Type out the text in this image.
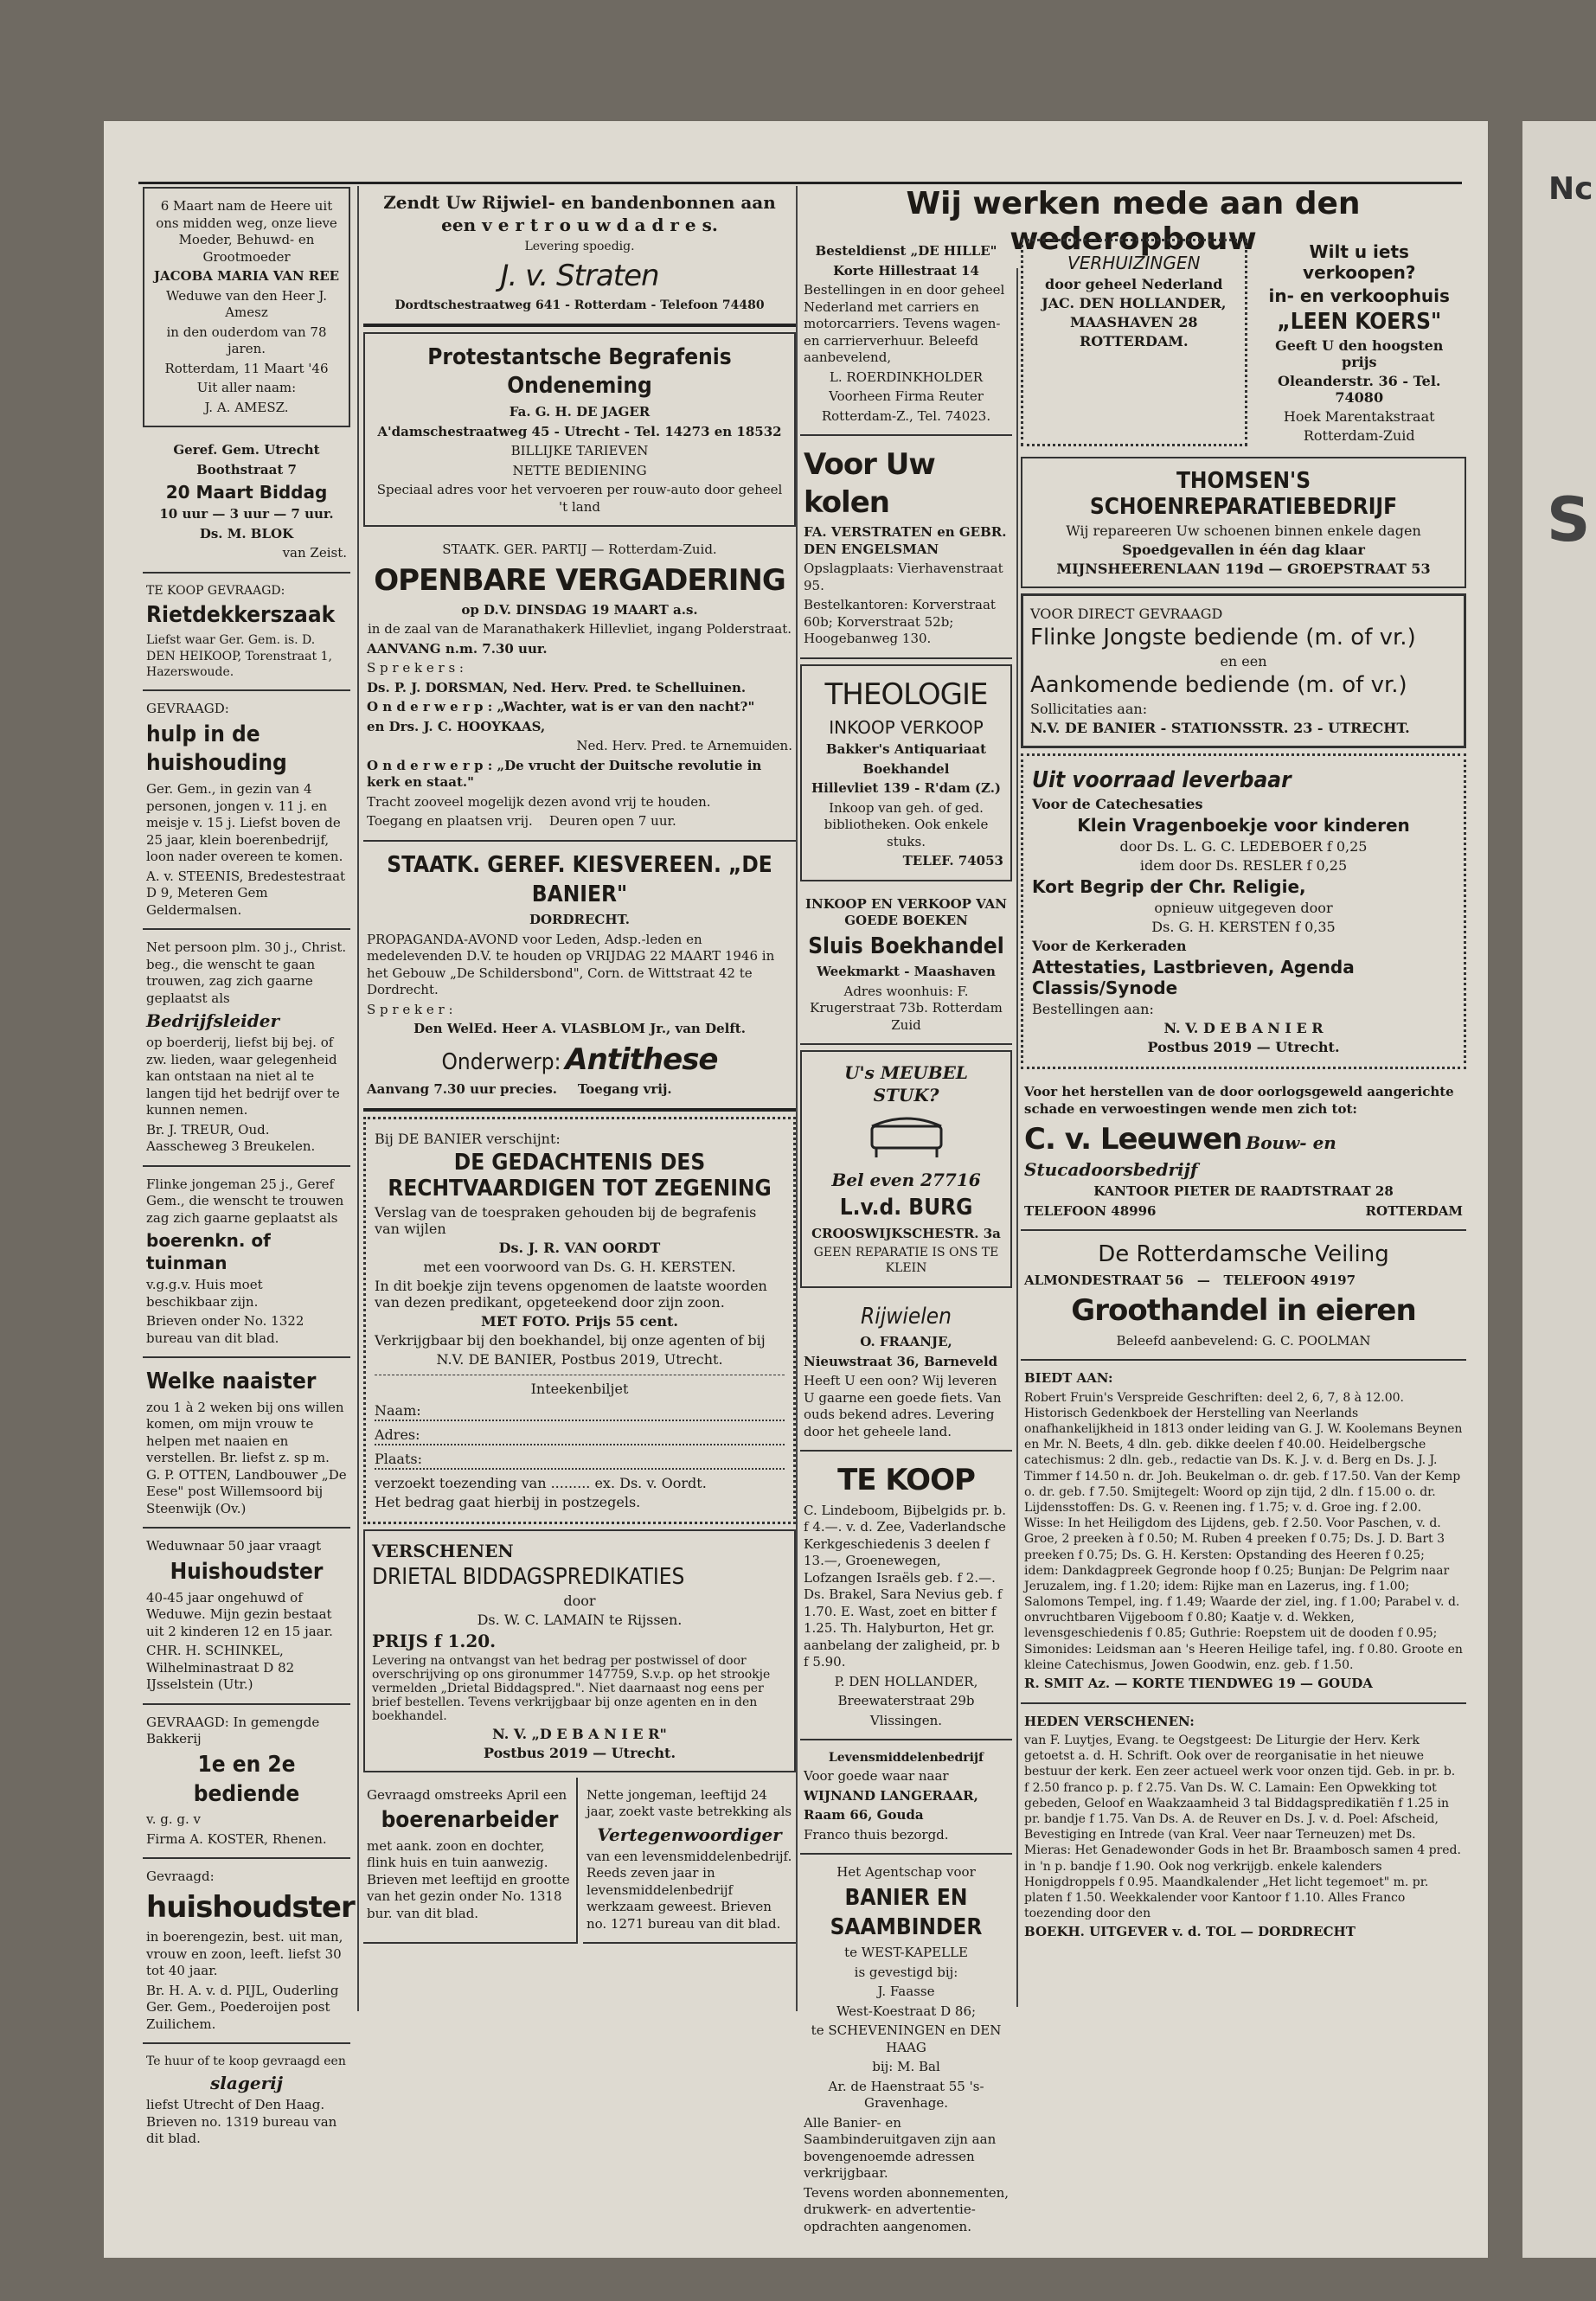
Nc
S

6 Maart nam de Heere uit ons midden weg, onze lieve Moeder, Behuwd- en Grootmoeder

JACOBA MARIA VAN REE

Weduwe van den Heer J. Amesz

in den ouderdom van 78 jaren.

Rotterdam, 11 Maart '46

Uit aller naam:

J. A. AMESZ.

Geref. Gem. Utrecht

Boothstraat 7

20 Maart Biddag

10 uur — 3 uur — 7 uur.

Ds. M. BLOK

van Zeist.

TE KOOP GEVRAAGD:

Rietdekkerszaak

Liefst waar Ger. Gem. is. D. DEN HEIKOOP, Torenstraat 1, Hazerswoude.

GEVRAAGD:

hulp in de huishouding

Ger. Gem., in gezin van 4 personen, jongen v. 11 j. en meisje v. 15 j. Liefst boven de 25 jaar, klein boerenbedrijf, loon nader overeen te komen.

A. v. STEENIS, Bredestestraat D 9, Meteren Gem Geldermalsen.

Net persoon plm. 30 j., Christ. beg., die wenscht te gaan trouwen, zag zich gaarne geplaatst als

Bedrijfsleider

op boerderij, liefst bij bej. of zw. lieden, waar gelegenheid kan ontstaan na niet al te langen tijd het bedrijf over te kunnen nemen.

Br. J. TREUR, Oud. Aasscheweg 3 Breukelen.

Flinke jongeman 25 j., Geref Gem., die wenscht te trouwen zag zich gaarne geplaatst als

boerenkn. of tuinman

v.g.g.v. Huis moet beschikbaar zijn.

Brieven onder No. 1322 bureau van dit blad.

Welke naaister

zou 1 à 2 weken bij ons willen komen, om mijn vrouw te helpen met naaien en verstellen. Br. liefst z. sp m. G. P. OTTEN, Landbouwer „De Eese" post Willemsoord bij Steenwijk (Ov.)

Weduwnaar 50 jaar vraagt

Huishoudster

40-45 jaar ongehuwd of Weduwe. Mijn gezin bestaat uit 2 kinderen 12 en 15 jaar.

CHR. H. SCHINKEL, Wilhelminastraat D 82 IJsselstein (Utr.)

GEVRAAGD: In gemengde Bakkerij

1e en 2e bediende

v. g. g. v

Firma A. KOSTER, Rhenen.

Gevraagd:

huishoudster

in boerengezin, best. uit man, vrouw en zoon, leeft. liefst 30 tot 40 jaar.

Br. H. A. v. d. PIJL, Ouderling Ger. Gem., Poederoijen post Zuilichem.

Te huur of te koop gevraagd een

slagerij

liefst Utrecht of Den Haag. Brieven no. 1319 bureau van dit blad.

Zendt Uw Rijwiel- en bandenbonnen aan een v e r t r o u w d a d r e s.

Levering spoedig.

J. v. Straten

Dordtschestraatweg 641 - Rotterdam - Telefoon 74480

Protestantsche Begrafenis Ondeneming

Fa. G. H. DE JAGER

A'damschestraatweg 45 - Utrecht - Tel. 14273 en 18532

BILLIJKE TARIEVEN

NETTE BEDIENING

Speciaal adres voor het vervoeren per rouw-auto door geheel 't land

STAATK. GER. PARTIJ — Rotterdam-Zuid.

OPENBARE VERGADERING

op D.V. DINSDAG 19 MAART a.s.

in de zaal van de Maranathakerk Hillevliet, ingang Polderstraat.

AANVANG n.m. 7.30 uur.

S p r e k e r s :

Ds. P. J. DORSMAN, Ned. Herv. Pred. te Schelluinen.

O n d e r w e r p : „Wachter, wat is er van den nacht?"

en Drs. J. C. HOOYKAAS,

Ned. Herv. Pred. te Arnemuiden.

O n d e r w e r p : „De vrucht der Duitsche revolutie in kerk en staat."

Tracht zooveel mogelijk dezen avond vrij te houden.

Toegang en plaatsen vrij. Deuren open 7 uur.

STAATK. GEREF. KIESVEREEN. „DE BANIER"

DORDRECHT.

PROPAGANDA-AVOND voor Leden, Adsp.-leden en medelevenden D.V. te houden op VRIJDAG 22 MAART 1946 in het Gebouw „De Schildersbond", Corn. de Wittstraat 42 te Dordrecht.

S p r e k e r :

Den WelEd. Heer A. VLASBLOM Jr., van Delft.

Onderwerp: Antithese

Aanvang 7.30 uur precies. Toegang vrij.

Bij DE BANIER verschijnt:

DE GEDACHTENIS DES RECHTVAARDIGEN TOT ZEGENING

Verslag van de toespraken gehouden bij de begrafenis van wijlen

Ds. J. R. VAN OORDT

met een voorwoord van Ds. G. H. KERSTEN.

In dit boekje zijn tevens opgenomen de laatste woorden van dezen predikant, opgeteekend door zijn zoon.

MET FOTO. Prijs 55 cent.

Verkrijgbaar bij den boekhandel, bij onze agenten of bij

N.V. DE BANIER, Postbus 2019, Utrecht.

Inteekenbiljet

Naam:
Adres:
Plaats:

verzoekt toezending van ......... ex. Ds. v. Oordt.

Het bedrag gaat hierbij in postzegels.

VERSCHENEN

DRIETAL BIDDAGSPREDIKATIES

door

Ds. W. C. LAMAIN te Rijssen.

PRIJS f 1.20.

Levering na ontvangst van het bedrag per postwissel of door overschrijving op ons gironummer 147759, S.v.p. op het strookje vermelden „Drietal Biddagspred.". Niet daarnaast nog eens per brief bestellen. Tevens verkrijgbaar bij onze agenten en in den boekhandel.

N. V. „D E B A N I E R"

Postbus 2019 — Utrecht.

Gevraagd omstreeks April een

boerenarbeider

met aank. zoon en dochter, flink huis en tuin aanwezig. Brieven met leeftijd en grootte van het gezin onder No. 1318 bur. van dit blad.

Nette jongeman, leeftijd 24 jaar, zoekt vaste betrekking als

Vertegenwoordiger

van een levensmiddelenbedrijf. Reeds zeven jaar in levensmiddelenbedrijf werkzaam geweest. Brieven no. 1271 bureau van dit blad.

Wij werken mede aan den wederopbouw

Besteldienst „DE HILLE"

Korte Hillestraat 14

Bestellingen in en door geheel Nederland met carriers en motorcarriers. Tevens wagen- en carrierverhuur. Beleefd aanbevelend,

L. ROERDINKHOLDER

Voorheen Firma Reuter

Rotterdam-Z., Tel. 74023.

Voor Uw kolen

FA. VERSTRATEN en GEBR. DEN ENGELSMAN

Opslagplaats: Vierhavenstraat 95.

Bestelkantoren: Korverstraat 60b; Korverstraat 52b; Hoogebanweg 130.

THEOLOGIE

INKOOP VERKOOP

Bakker's Antiquariaat

Boekhandel

Hillevliet 139 - R'dam (Z.)

Inkoop van geh. of ged. bibliotheken. Ook enkele stuks.

TELEF. 74053

INKOOP EN VERKOOP VAN GOEDE BOEKEN

Sluis Boekhandel

Weekmarkt - Maashaven

Adres woonhuis: F. Krugerstraat 73b. Rotterdam Zuid

U's MEUBEL STUK?

Bel even 27716

L.v.d. BURG

CROOSWIJKSCHESTR. 3a

GEEN REPARATIE IS ONS TE KLEIN

Rijwielen

O. FRAANJE,

Nieuwstraat 36, Barneveld

Heeft U een oon? Wij leveren U gaarne een goede fiets. Van ouds bekend adres. Levering door het geheele land.

TE KOOP

C. Lindeboom, Bijbelgids pr. b. f 4.—. v. d. Zee, Vaderlandsche Kerkgeschiedenis 3 deelen f 13.—, Groenewegen, Lofzangen Israëls geb. f 2.—. Ds. Brakel, Sara Nevius geb. f 1.70. E. Wast, zoet en bitter f 1.25. Th. Halyburton, Het gr. aanbelang der zaligheid, pr. b f 5.90.

P. DEN HOLLANDER,

Breewaterstraat 29b

Vlissingen.

Levensmiddelenbedrijf

Voor goede waar naar

WIJNAND LANGERAAR,

Raam 66, Gouda

Franco thuis bezorgd.

Het Agentschap voor

BANIER EN SAAMBINDER

te WEST-KAPELLE

is gevestigd bij:

J. Faasse

West-Koestraat D 86;

te SCHEVENINGEN en DEN HAAG

bij: M. Bal

Ar. de Haenstraat 55 's-Gravenhage.

Alle Banier- en Saambinderuitgaven zijn aan bovengenoemde adressen verkrijgbaar.

Tevens worden abonnementen, drukwerk- en advertentie-opdrachten aangenomen.

VERHUIZINGEN

door geheel Nederland

JAC. DEN HOLLANDER,

MAASHAVEN 28

ROTTERDAM.

Wilt u iets verkoopen?

in- en verkoophuis

„LEEN KOERS"

Geeft U den hoogsten prijs

Oleanderstr. 36 - Tel. 74080

Hoek Marentakstraat

Rotterdam-Zuid

THOMSEN'S SCHOENREPARATIEBEDRIJF

Wij repareeren Uw schoenen binnen enkele dagen

Spoedgevallen in één dag klaar

MIJNSHEERENLAAN 119d — GROEPSTRAAT 53

VOOR DIRECT GEVRAAGD

Flinke Jongste bediende (m. of vr.)

en een

Aankomende bediende (m. of vr.)

Sollicitaties aan:

N.V. DE BANIER - STATIONSSTR. 23 - UTRECHT.

Uit voorraad leverbaar

Voor de Catechesaties

Klein Vragenboekje voor kinderen

door Ds. L. G. C. LEDEBOER f 0,25

idem door Ds. RESLER f 0,25

Kort Begrip der Chr. Religie,

opnieuw uitgegeven door

Ds. G. H. KERSTEN f 0,35

Voor de Kerkeraden

Attestaties, Lastbrieven, Agenda Classis/Synode

Bestellingen aan:

N. V. D E B A N I E R

Postbus 2019 — Utrecht.

Voor het herstellen van de door oorlogsgeweld aangerichte schade en verwoestingen wende men zich tot:

C. v. Leeuwen Bouw- en Stucadoorsbedrijf

KANTOOR PIETER DE RAADTSTRAAT 28

TELEFOON 48996	ROTTERDAM

De Rotterdamsche Veiling

ALMONDESTRAAT 56 — TELEFOON 49197

Groothandel in eieren

Beleefd aanbevelend: G. C. POOLMAN

BIEDT AAN:

Robert Fruin's Verspreide Geschriften: deel 2, 6, 7, 8 à 12.00. Historisch Gedenkboek der Herstelling van Neerlands onafhankelijkheid in 1813 onder leiding van G. J. W. Koolemans Beynen en Mr. N. Beets, 4 dln. geb. dikke deelen f 40.00. Heidelbergsche catechismus: 2 dln. geb., redactie van Ds. K. J. v. d. Berg en Ds. J. J. Timmer f 14.50 n. dr. Joh. Beukelman o. dr. geb. f 17.50. Van der Kemp o. dr. geb. f 7.50. Smijtegelt: Woord op zijn tijd, 2 dln. f 15.00 o. dr. Lijdensstoffen: Ds. G. v. Reenen ing. f 1.75; v. d. Groe ing. f 2.00. Wisse: In het Heiligdom des Lijdens, geb. f 2.50. Voor Paschen, v. d. Groe, 2 preeken à f 0.50; M. Ruben 4 preeken f 0.75; Ds. J. D. Bart 3 preeken f 0.75; Ds. G. H. Kersten: Opstanding des Heeren f 0.25; idem: Dankdagpreek Gegronde hoop f 0.25; Bunjan: De Pelgrim naar Jeruzalem, ing. f 1.20; idem: Rijke man en Lazerus, ing. f 1.00; Salomons Tempel, ing. f 1.49; Waarde der ziel, ing. f 1.00; Parabel v. d. onvruchtbaren Vijgeboom f 0.80; Kaatje v. d. Wekken, levensgeschiedenis f 0.85; Guthrie: Roepstem uit de dooden f 0.95; Simonides: Leidsman aan 's Heeren Heilige tafel, ing. f 0.80. Groote en kleine Catechismus, Jowen Goodwin, enz. geb. f 1.50.

R. SMIT Az. — KORTE TIENDWEG 19 — GOUDA

HEDEN VERSCHENEN:

van F. Luytjes, Evang. te Oegstgeest: De Liturgie der Herv. Kerk getoetst a. d. H. Schrift. Ook over de reorganisatie in het nieuwe bestuur der kerk. Een zeer actueel werk voor onzen tijd. Geb. in pr. b. f 2.50 franco p. p. f 2.75. Van Ds. W. C. Lamain: Een Opwekking tot gebeden, Geloof en Waakzaamheid 3 tal Biddagspredikatiën f 1.25 in pr. bandje f 1.75. Van Ds. A. de Reuver en Ds. J. v. d. Poel: Afscheid, Bevestiging en Intrede (van Kral. Veer naar Terneuzen) met Ds. Mieras: Het Genadewonder Gods in het Br. Braambosch samen 4 pred. in 'n p. bandje f 1.90. Ook nog verkrijgb. enkele kalenders Honigdroppels f 0.95. Maandkalender „Het licht tegemoet" m. pr. platen f 1.50. Weekkalender voor Kantoor f 1.10. Alles Franco toezending door den

BOEKH. UITGEVER v. d. TOL — DORDRECHT
